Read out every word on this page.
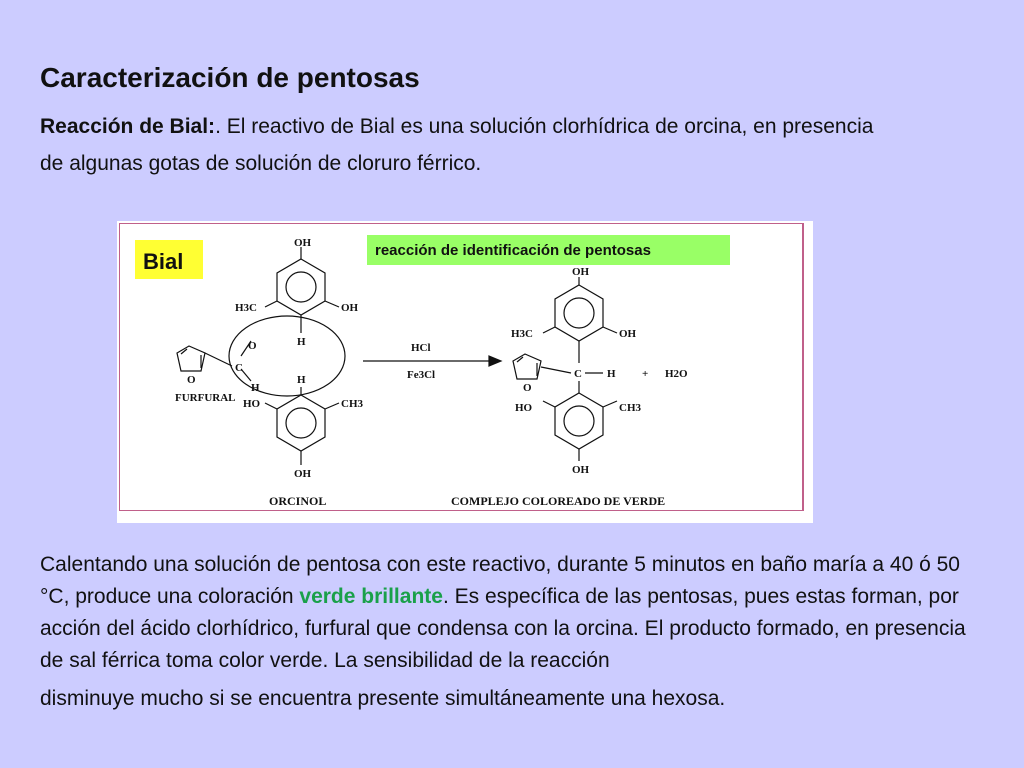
Caracterización de pentosas
Reacción de Bial:. El reactivo de Bial es una solución clorhídrica de orcina, en presencia de algunas gotas de solución de cloruro férrico.
Bial	reacción de identificación de pentosas
OH
OH
H3C
H
O
C
O
H
FURFURAL
H
HO	CH3
OH
ORCINOL
HCl
Fe3Cl
OH
OH
H3C
O
C H + H2O
HO	CH3
OH
COMPLEJO COLOREADO DE VERDE
Calentando una solución de pentosa con este reactivo, durante 5 minutos en baño maría a 40 ó 50 °C, produce una coloración verde brillante. Es específica de las pentosas, pues estas forman, por acción del ácido clorhídrico, furfural que condensa con la orcina. El producto formado, en presencia de sal férrica toma color verde. La sensibilidad de la reacción
disminuye mucho si se encuentra presente simultáneamente una hexosa.
